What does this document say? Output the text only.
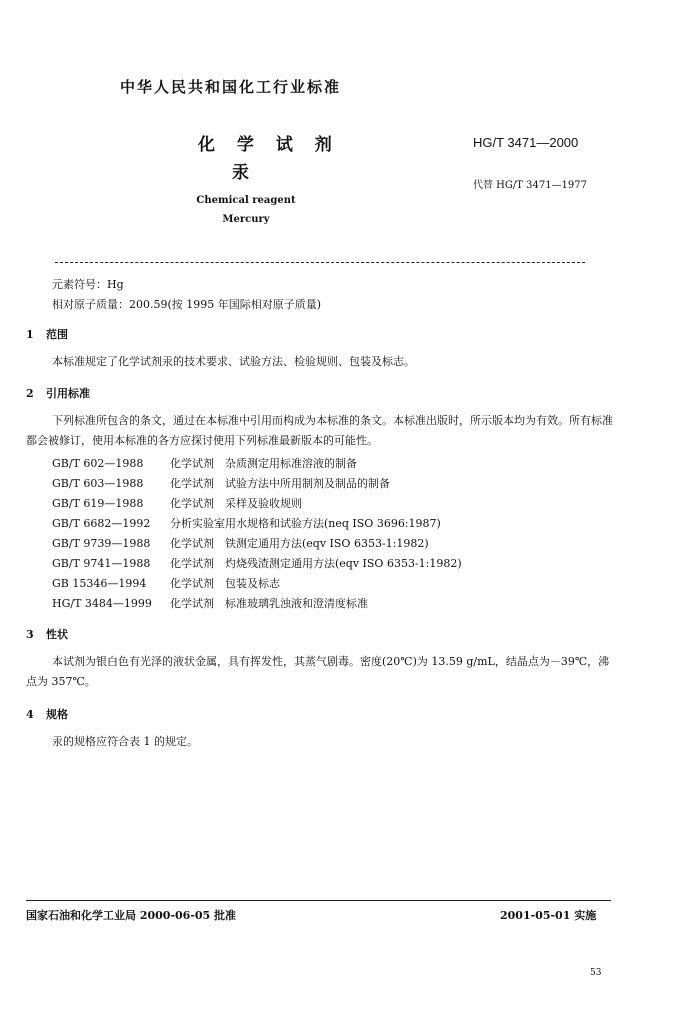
中华人民共和国化工行业标准
化 学 试 剂
汞
HG/T 3471—2000
代替 HG/T 3471—1977
Chemical reagent
Mercury
元素符号：Hg
相对原子质量：200.59(按 1995 年国际相对原子质量)
1 范围
本标准规定了化学试剂汞的技术要求、试验方法、检验规则、包装及标志。
2 引用标准
下列标准所包含的条文，通过在本标准中引用而构成为本标准的条文。本标准出版时，所示版本均为有效。所有标准都会被修订，使用本标准的各方应探讨使用下列标准最新版本的可能性。
GB/T 602—1988 化学试剂　杂质测定用标准溶液的制备
GB/T 603—1988 化学试剂　试验方法中所用制剂及制品的制备
GB/T 619—1988 化学试剂　采样及验收规则
GB/T 6682—1992 分析实验室用水规格和试验方法(neq ISO 3696:1987)
GB/T 9739—1988 化学试剂　铁测定通用方法(eqv ISO 6353-1:1982)
GB/T 9741—1988 化学试剂　灼烧残渣测定通用方法(eqv ISO 6353-1:1982)
GB 15346—1994 化学试剂　包装及标志
HG/T 3484—1999 化学试剂　标准玻璃乳浊液和澄清度标准
3 性状
本试剂为银白色有光泽的液状金属，具有挥发性，其蒸气剧毒。密度(20℃)为 13.59 g/mL，结晶点为－39℃，沸点为 357℃。
4 规格
汞的规格应符合表 1 的规定。
国家石油和化学工业局 2000-06-05 批准	2001-05-01 实施
53
